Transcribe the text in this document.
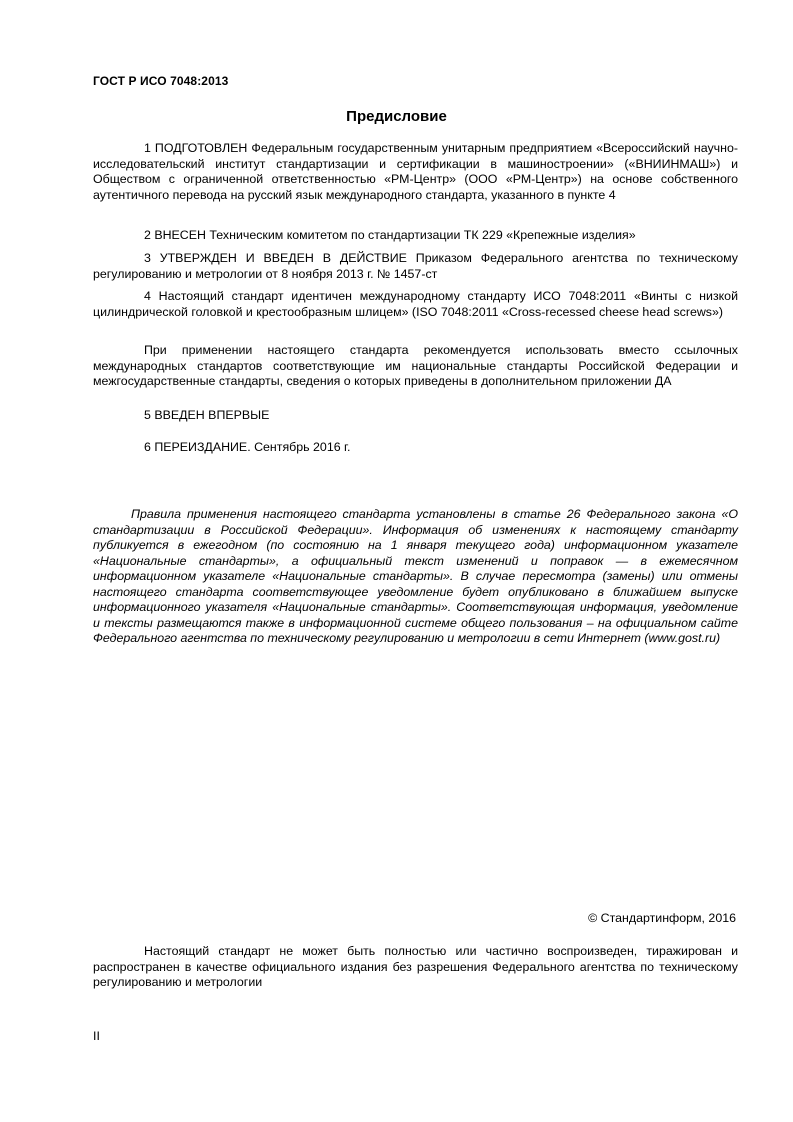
ГОСТ Р ИСО 7048:2013
Предисловие

1 ПОДГОТОВЛЕН Федеральным государственным унитарным предприятием «Всероссийский научно-исследовательский институт стандартизации и сертификации в машиностроении» («ВНИИНМАШ») и Обществом с ограниченной ответственностью «РМ-Центр» (ООО «РМ-Центр») на основе собственного аутентичного перевода на русский язык международного стандарта, указанного в пункте 4

2 ВНЕСЕН Техническим комитетом по стандартизации ТК 229 «Крепежные изделия»

3 УТВЕРЖДЕН И ВВЕДЕН В ДЕЙСТВИЕ Приказом Федерального агентства по техническому регулированию и метрологии от 8 ноября 2013 г. № 1457-ст

4 Настоящий стандарт идентичен международному стандарту ИСО 7048:2011 «Винты с низкой цилиндрической головкой и крестообразным шлицем» (ISO 7048:2011 «Cross-recessed cheese head screws»)

При применении настоящего стандарта рекомендуется использовать вместо ссылочных международных стандартов соответствующие им национальные стандарты Российской Федерации и межгосударственные стандарты, сведения о которых приведены в дополнительном приложении ДА

5 ВВЕДЕН ВПЕРВЫЕ

6 ПЕРЕИЗДАНИЕ. Сентябрь 2016 г.

Правила применения настоящего стандарта установлены в статье 26 Федерального закона «О стандартизации в Российской Федерации». Информация об изменениях к настоящему стандарту публикуется в ежегодном (по состоянию на 1 января текущего года) информационном указателе «Национальные стандарты», а официальный текст изменений и поправок — в ежемесячном информационном указателе «Национальные стандарты». В случае пересмотра (замены) или отмены настоящего стандарта соответствующее уведомление будет опубликовано в ближайшем выпуске информационного указателя «Национальные стандарты». Соответствующая информация, уведомление и тексты размещаются также в информационной системе общего пользования – на официальном сайте Федерального агентства по техническому регулированию и метрологии в сети Интернет (www.gost.ru)

© Стандартинформ, 2016

Настоящий стандарт не может быть полностью или частично воспроизведен, тиражирован и распространен в качестве официального издания без разрешения Федерального агентства по техническому регулированию и метрологии

II
